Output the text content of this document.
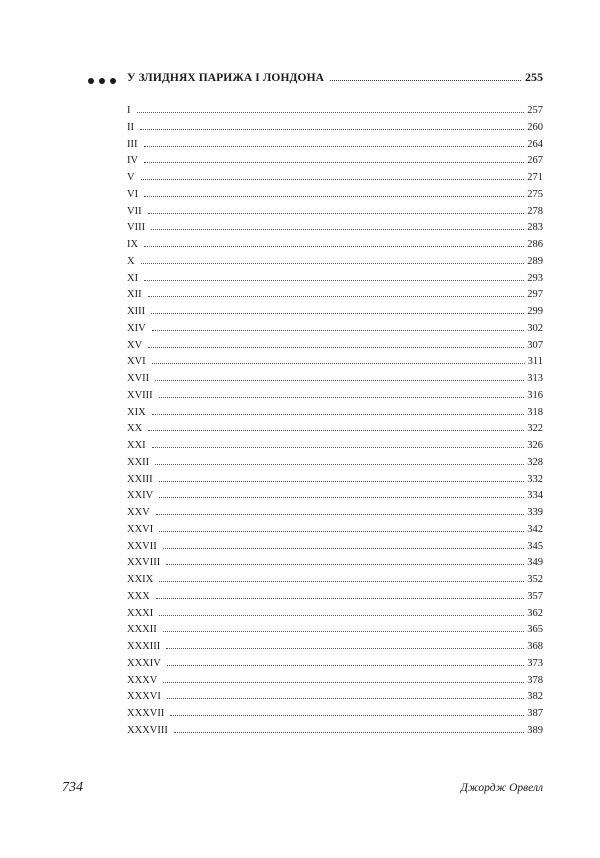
У ЗЛИДНЯХ ПАРИЖА І ЛОНДОНА	255
I	257
II	260
III	264
IV	267
V	271
VI	275
VII	278
VIII	283
IX	286
X	289
XI	293
XII	297
XIII	299
XIV	302
XV	307
XVI	311
XVII	313
XVIII	316
XIX	318
XX	322
XXI	326
XXII	328
XXIII	332
XXIV	334
XXV	339
XXVI	342
XXVII	345
XXVIII	349
XXIX	352
XXX	357
XXXI	362
XXXII	365
XXXIII	368
XXXIV	373
XXXV	378
XXXVI	382
XXXVII	387
XXXVIII	389
734	Джордж Орвелл
